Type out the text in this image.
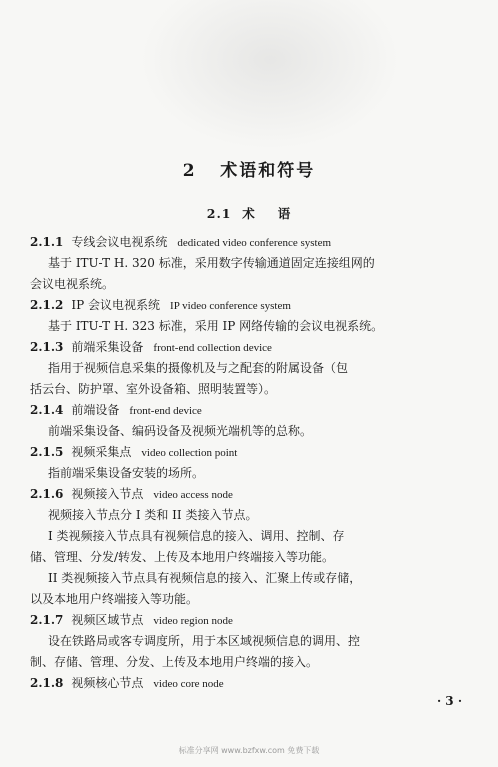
2 术语和符号
2.1 术 语
2.1.1 专线会议电视系统 dedicated video conference system
基于 ITU-T H. 320 标准，采用数字传输通道固定连接组网的
会议电视系统。
2.1.2 IP 会议电视系统 IP video conference system
基于 ITU-T H. 323 标准，采用 IP 网络传输的会议电视系统。
2.1.3 前端采集设备 front-end collection device
指用于视频信息采集的摄像机及与之配套的附属设备（包
括云台、防护罩、室外设备箱、照明装置等）。
2.1.4 前端设备 front-end device
前端采集设备、编码设备及视频光端机等的总称。
2.1.5 视频采集点 video collection point
指前端采集设备安装的场所。
2.1.6 视频接入节点 video access node
视频接入节点分 I 类和 II 类接入节点。
I 类视频接入节点具有视频信息的接入、调用、控制、存
储、管理、分发/转发、上传及本地用户终端接入等功能。
II 类视频接入节点具有视频信息的接入、汇聚上传或存储，
以及本地用户终端接入等功能。
2.1.7 视频区域节点 video region node
设在铁路局或客专调度所，用于本区域视频信息的调用、控
制、存储、管理、分发、上传及本地用户终端的接入。
2.1.8 视频核心节点 video core node
· 3 ·
标准分享网 www.bzfxw.com 免费下载
